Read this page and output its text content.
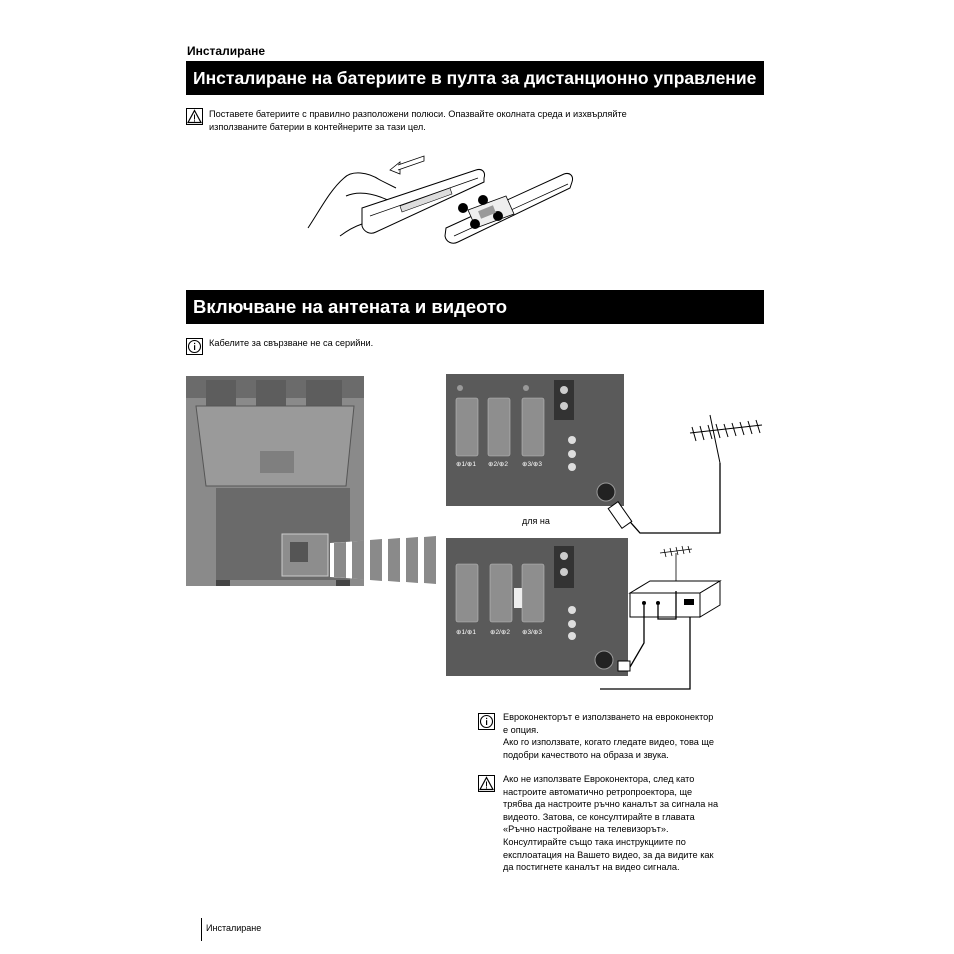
Инсталиране
Инсталиране на батериите в пулта за дистанционно управление
Поставете батериите с правилно разположени полюси. Опазвайте околната среда и изхвърляйте
използваните батерии в контейнерите за тази цел.
Включване на антената и видеото
Кабелите за свързване не са серийни.
⊕1/⊕1 ⊕2/⊕2 ⊕3/⊕3
для на
⊕1/⊕1 ⊕2/⊕2 ⊕3/⊕3
Евроконекторът е използването на евроконектор
е опция.
Ако го използвате, когато гледате видео, това ще
подобри качеството на образа и звука.
Ако не използвате Евроконектора, след като
настроите автоматично ретропроектора, ще
трябва да настроите ръчно каналът за сигнала на
видеото. Затова, се консултирайте в главата
«Ръчно настройване на телевизорът».
Консултирайте също така инструкциите по
експлоатация на Вашето видео, за да видите как
да постигнете каналът на видео сигнала.
Инсталиране
